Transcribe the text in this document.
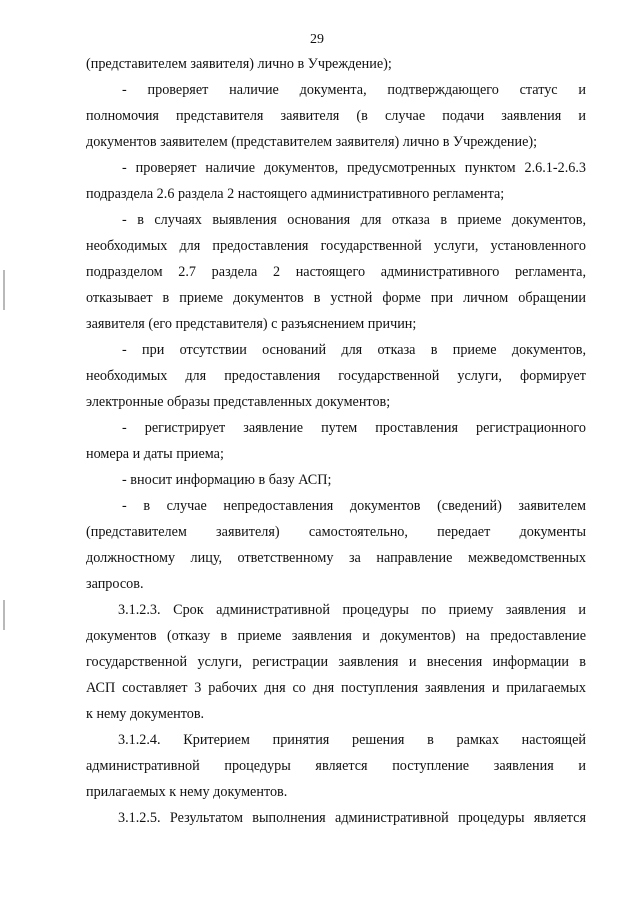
29
(представителем заявителя) лично в Учреждение);
- проверяет наличие документа, подтверждающего статус и
полномочия представителя заявителя (в случае подачи заявления и
документов заявителем (представителем заявителя) лично в Учреждение);
- проверяет наличие документов, предусмотренных пунктом 2.6.1-2.6.3
подраздела 2.6 раздела 2 настоящего административного регламента;
- в случаях выявления основания для отказа в приеме документов,
необходимых для предоставления государственной услуги, установленного
подразделом 2.7 раздела 2 настоящего административного регламента,
отказывает в приеме документов в устной форме при личном обращении
заявителя (его представителя) с разъяснением причин;
- при отсутствии оснований для отказа в приеме документов,
необходимых для предоставления государственной услуги, формирует
электронные образы представленных документов;
- регистрирует заявление путем проставления регистрационного
номера и даты приема;
- вносит информацию в базу АСП;
- в случае непредоставления документов (сведений) заявителем
(представителем заявителя) самостоятельно, передает документы
должностному лицу, ответственному за направление межведомственных
запросов.
3.1.2.3. Срок административной процедуры по приему заявления и
документов (отказу в приеме заявления и документов) на предоставление
государственной услуги, регистрации заявления и внесения информации в
АСП составляет 3 рабочих дня со дня поступления заявления и прилагаемых
к нему документов.
3.1.2.4. Критерием принятия решения в рамках настоящей
административной процедуры является поступление заявления и
прилагаемых к нему документов.
3.1.2.5. Результатом выполнения административной процедуры является
